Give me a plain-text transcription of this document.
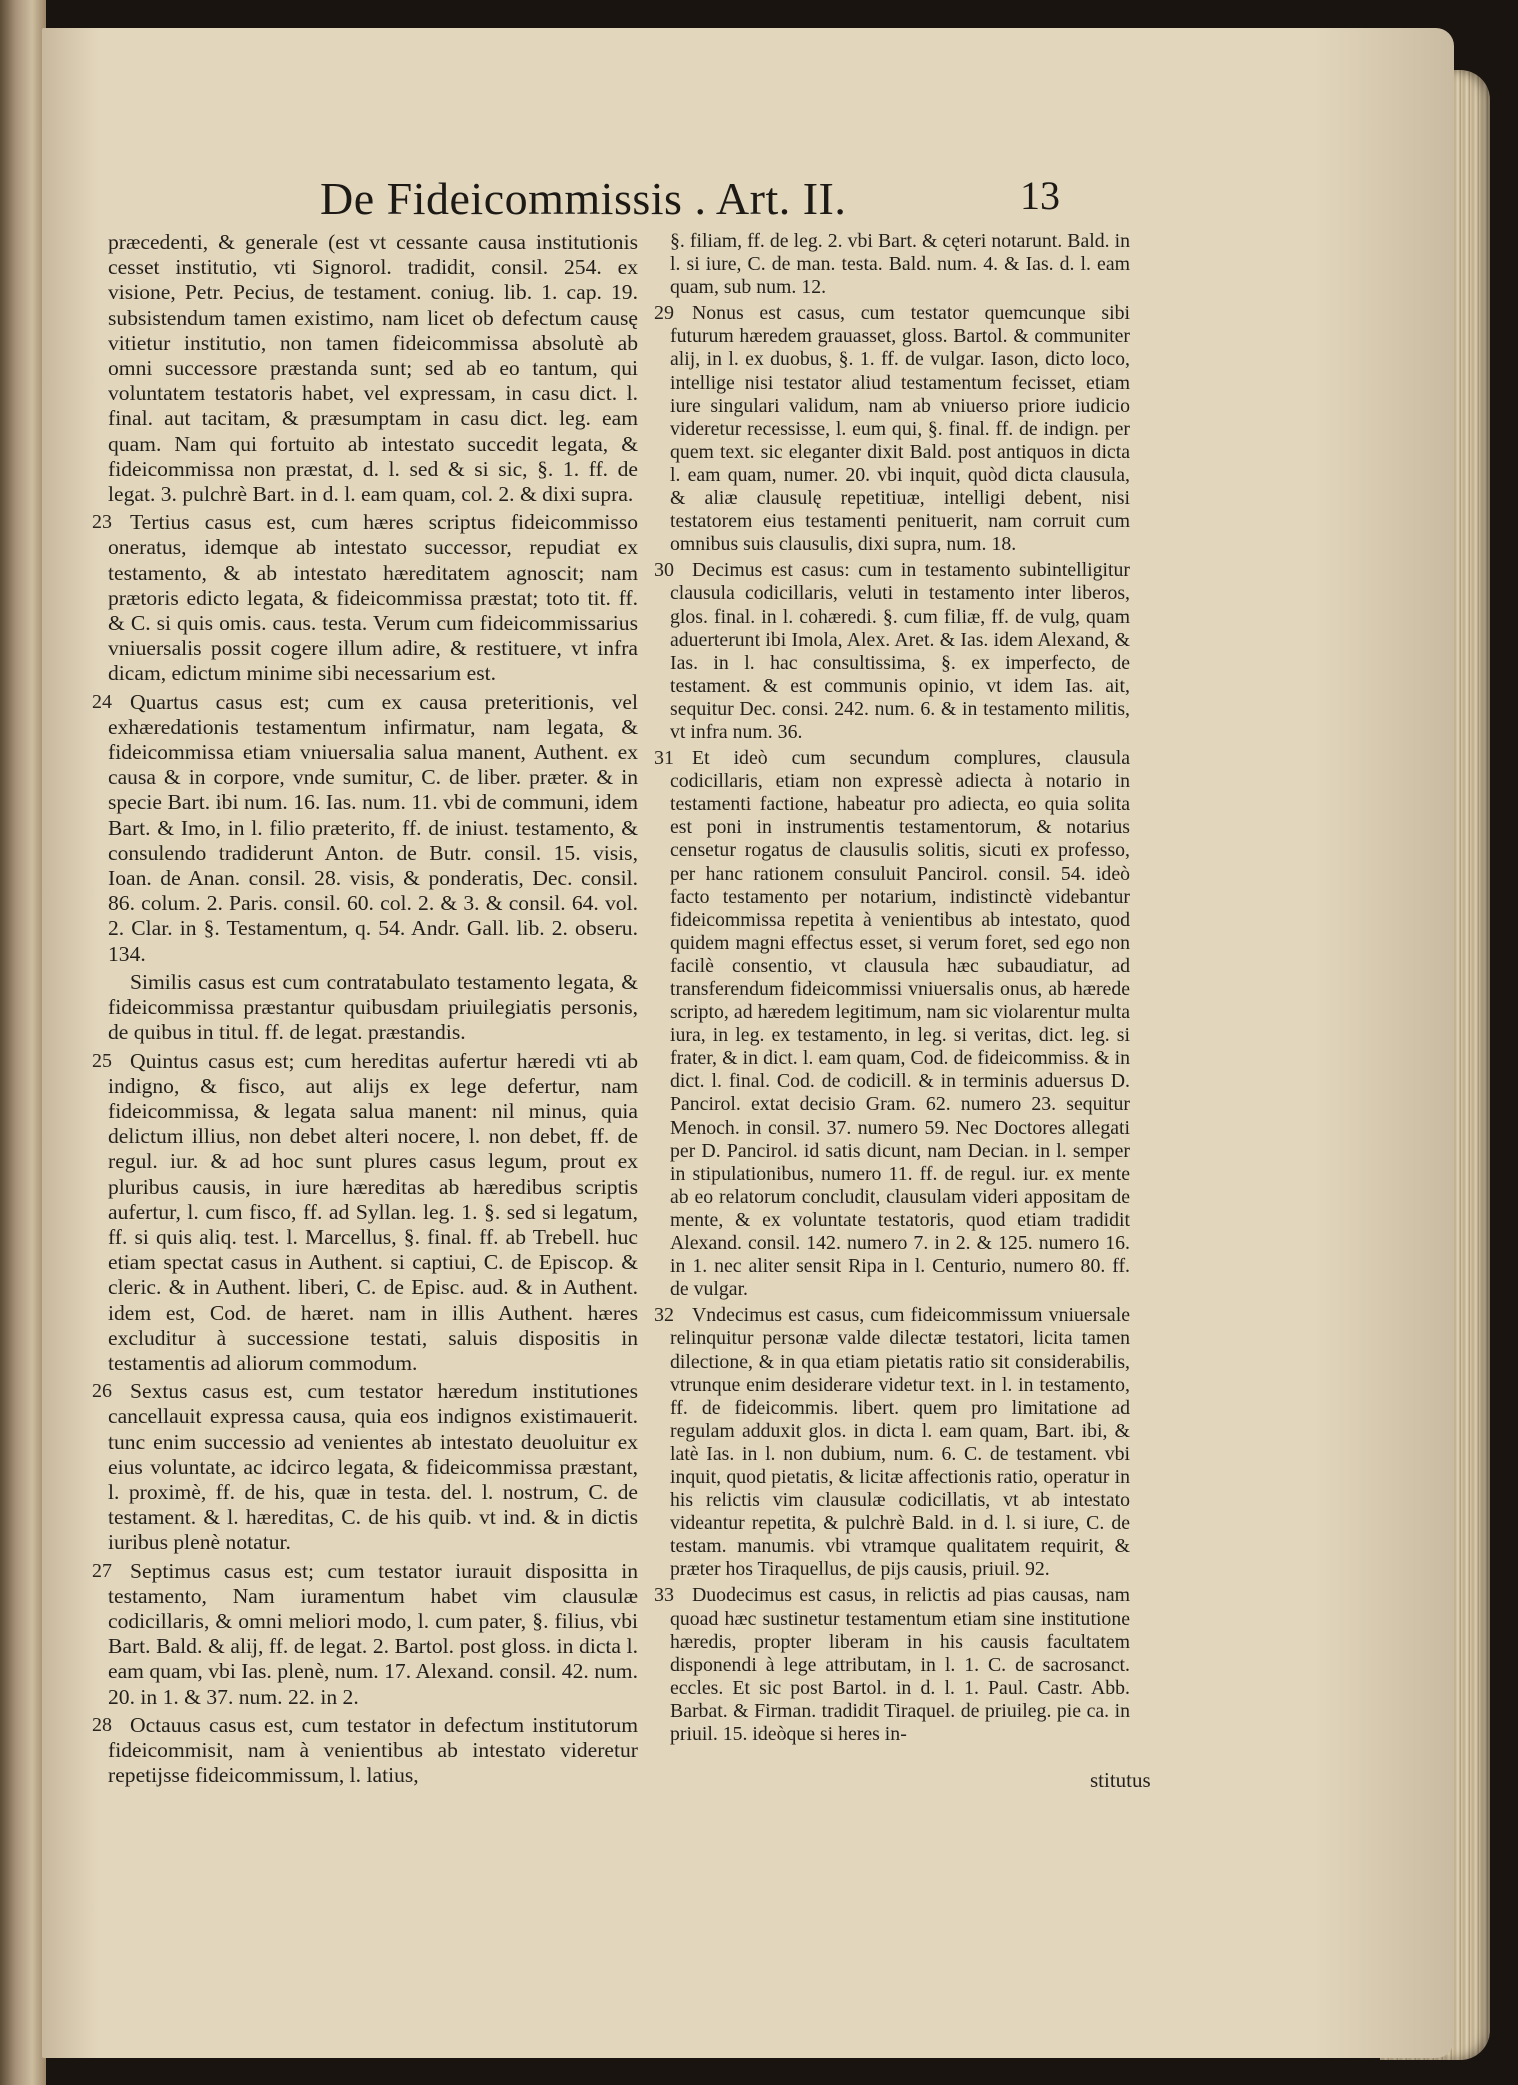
De Fideicommissis . Art. II.	13

præcedenti, & generale (est vt cessante causa institutionis cesset institutio, vti Signorol. tradidit, consil. 254. ex visione, Petr. Pecius, de testament. coniug. lib. 1. cap. 19. subsistendum tamen existimo, nam licet ob defectum causę vitietur institutio, non tamen fideicommissa absolutè ab omni successore præstanda sunt; sed ab eo tantum, qui voluntatem testatoris habet, vel expressam, in casu dict. l. final. aut tacitam, & præsumptam in casu dict. leg. eam quam. Nam qui fortuito ab intestato succedit legata, & fideicommissa non præstat, d. l. sed & si sic, §. 1. ff. de legat. 3. pulchrè Bart. in d. l. eam quam, col. 2. & dixi supra.

23 Tertius casus est, cum hæres scriptus fideicommisso oneratus, idemque ab intestato successor, repudiat ex testamento, & ab intestato hæreditatem agnoscit; nam prætoris edicto legata, & fideicommissa præstat; toto tit. ff. & C. si quis omis. caus. testa. Verum cum fideicommissarius vniuersalis possit cogere illum adire, & restituere, vt infra dicam, edictum minime sibi necessarium est.

24 Quartus casus est; cum ex causa preteritionis, vel exhæredationis testamentum infirmatur, nam legata, & fideicommissa etiam vniuersalia salua manent, Authent. ex causa & in corpore, vnde sumitur, C. de liber. præter. & in specie Bart. ibi num. 16. Ias. num. 11. vbi de communi, idem Bart. & Imo, in l. filio præterito, ff. de iniust. testamento, & consulendo tradiderunt Anton. de Butr. consil. 15. visis, Ioan. de Anan. consil. 28. visis, & ponderatis, Dec. consil. 86. colum. 2. Paris. consil. 60. col. 2. & 3. & consil. 64. vol. 2. Clar. in §. Testamentum, q. 54. Andr. Gall. lib. 2. obseru. 134.

Similis casus est cum contratabulato testamento legata, & fideicommissa præstantur quibusdam priuilegiatis personis, de quibus in titul. ff. de legat. præstandis.

25 Quintus casus est; cum hereditas aufertur hæredi vti ab indigno, & fisco, aut alijs ex lege defertur, nam fideicommissa, & legata salua manent: nil minus, quia delictum illius, non debet alteri nocere, l. non debet, ff. de regul. iur. & ad hoc sunt plures casus legum, prout ex pluribus causis, in iure hæreditas ab hæredibus scriptis aufertur, l. cum fisco, ff. ad Syllan. leg. 1. §. sed si legatum, ff. si quis aliq. test. l. Marcellus, §. final. ff. ab Trebell. huc etiam spectat casus in Authent. si captiui, C. de Episcop. & cleric. & in Authent. liberi, C. de Episc. aud. & in Authent. idem est, Cod. de hæret. nam in illis Authent. hæres excluditur à successione testati, saluis dispositis in testamentis ad aliorum commodum.

26 Sextus casus est, cum testator hæredum institutiones cancellauit expressa causa, quia eos indignos existimauerit. tunc enim successio ad venientes ab intestato deuoluitur ex eius voluntate, ac idcirco legata, & fideicommissa præstant, l. proximè, ff. de his, quæ in testa. del. l. nostrum, C. de testament. & l. hæreditas, C. de his quib. vt ind. & in dictis iuribus plenè notatur.

27 Septimus casus est; cum testator iurauit dispositta in testamento, Nam iuramentum habet vim clausulæ codicillaris, & omni meliori modo, l. cum pater, §. filius, vbi Bart. Bald. & alij, ff. de legat. 2. Bartol. post gloss. in dicta l. eam quam, vbi Ias. plenè, num. 17. Alexand. consil. 42. num. 20. in 1. & 37. num. 22. in 2.

28 Octauus casus est, cum testator in defectum institutorum fideicommisit, nam à venientibus ab intestato videretur repetijsse fideicommissum, l. latius,

§. filiam, ff. de leg. 2. vbi Bart. & cęteri notarunt. Bald. in l. si iure, C. de man. testa. Bald. num. 4. & Ias. d. l. eam quam, sub num. 12.

29 Nonus est casus, cum testator quemcunque sibi futurum hæredem grauasset, gloss. Bartol. & communiter alij, in l. ex duobus, §. 1. ff. de vulgar. Iason, dicto loco, intellige nisi testator aliud testamentum fecisset, etiam iure singulari validum, nam ab vniuerso priore iudicio videretur recessisse, l. eum qui, §. final. ff. de indign. per quem text. sic eleganter dixit Bald. post antiquos in dicta l. eam quam, numer. 20. vbi inquit, quòd dicta clausula, & aliæ clausulę repetitiuæ, intelligi debent, nisi testatorem eius testamenti penituerit, nam corruit cum omnibus suis clausulis, dixi supra, num. 18.

30 Decimus est casus: cum in testamento subintelligitur clausula codicillaris, veluti in testamento inter liberos, glos. final. in l. cohæredi. §. cum filiæ, ff. de vulg, quam aduerterunt ibi Imola, Alex. Aret. & Ias. idem Alexand, & Ias. in l. hac consultissima, §. ex imperfecto, de testament. & est communis opinio, vt idem Ias. ait, sequitur Dec. consi. 242. num. 6. & in testamento militis, vt infra num. 36.

31 Et ideò cum secundum complures, clausula codicillaris, etiam non expressè adiecta à notario in testamenti factione, habeatur pro adiecta, eo quia solita est poni in instrumentis testamentorum, & notarius censetur rogatus de clausulis solitis, sicuti ex professo, per hanc rationem consuluit Pancirol. consil. 54. ideò facto testamento per notarium, indistinctè videbantur fideicommissa repetita à venientibus ab intestato, quod quidem magni effectus esset, si verum foret, sed ego non facilè consentio, vt clausula hæc subaudiatur, ad transferendum fideicommissi vniuersalis onus, ab hærede scripto, ad hæredem legitimum, nam sic violarentur multa iura, in leg. ex testamento, in leg. si veritas, dict. leg. si frater, & in dict. l. eam quam, Cod. de fideicommiss. & in dict. l. final. Cod. de codicill. & in terminis aduersus D. Pancirol. extat decisio Gram. 62. numero 23. sequitur Menoch. in consil. 37. numero 59. Nec Doctores allegati per D. Pancirol. id satis dicunt, nam Decian. in l. semper in stipulationibus, numero 11. ff. de regul. iur. ex mente ab eo relatorum concludit, clausulam videri appositam de mente, & ex voluntate testatoris, quod etiam tradidit Alexand. consil. 142. numero 7. in 2. & 125. numero 16. in 1. nec aliter sensit Ripa in l. Centurio, numero 80. ff. de vulgar.

32 Vndecimus est casus, cum fideicommissum vniuersale relinquitur personæ valde dilectæ testatori, licita tamen dilectione, & in qua etiam pietatis ratio sit considerabilis, vtrunque enim desiderare videtur text. in l. in testamento, ff. de fideicommis. libert. quem pro limitatione ad regulam adduxit glos. in dicta l. eam quam, Bart. ibi, & latè Ias. in l. non dubium, num. 6. C. de testament. vbi inquit, quod pietatis, & licitæ affectionis ratio, operatur in his relictis vim clausulæ codicillatis, vt ab intestato videantur repetita, & pulchrè Bald. in d. l. si iure, C. de testam. manumis. vbi vtramque qualitatem requirit, & præter hos Tiraquellus, de pijs causis, priuil. 92.

33 Duodecimus est casus, in relictis ad pias causas, nam quoad hæc sustinetur testamentum etiam sine institutione hæredis, propter liberam in his causis facultatem disponendi à lege attributam, in l. 1. C. de sacrosanct. eccles. Et sic post Bartol. in d. l. 1. Paul. Castr. Abb. Barbat. & Firman. tradidit Tiraquel. de priuileg. pie ca. in priuil. 15. ideòque si heres in-

stitutus
